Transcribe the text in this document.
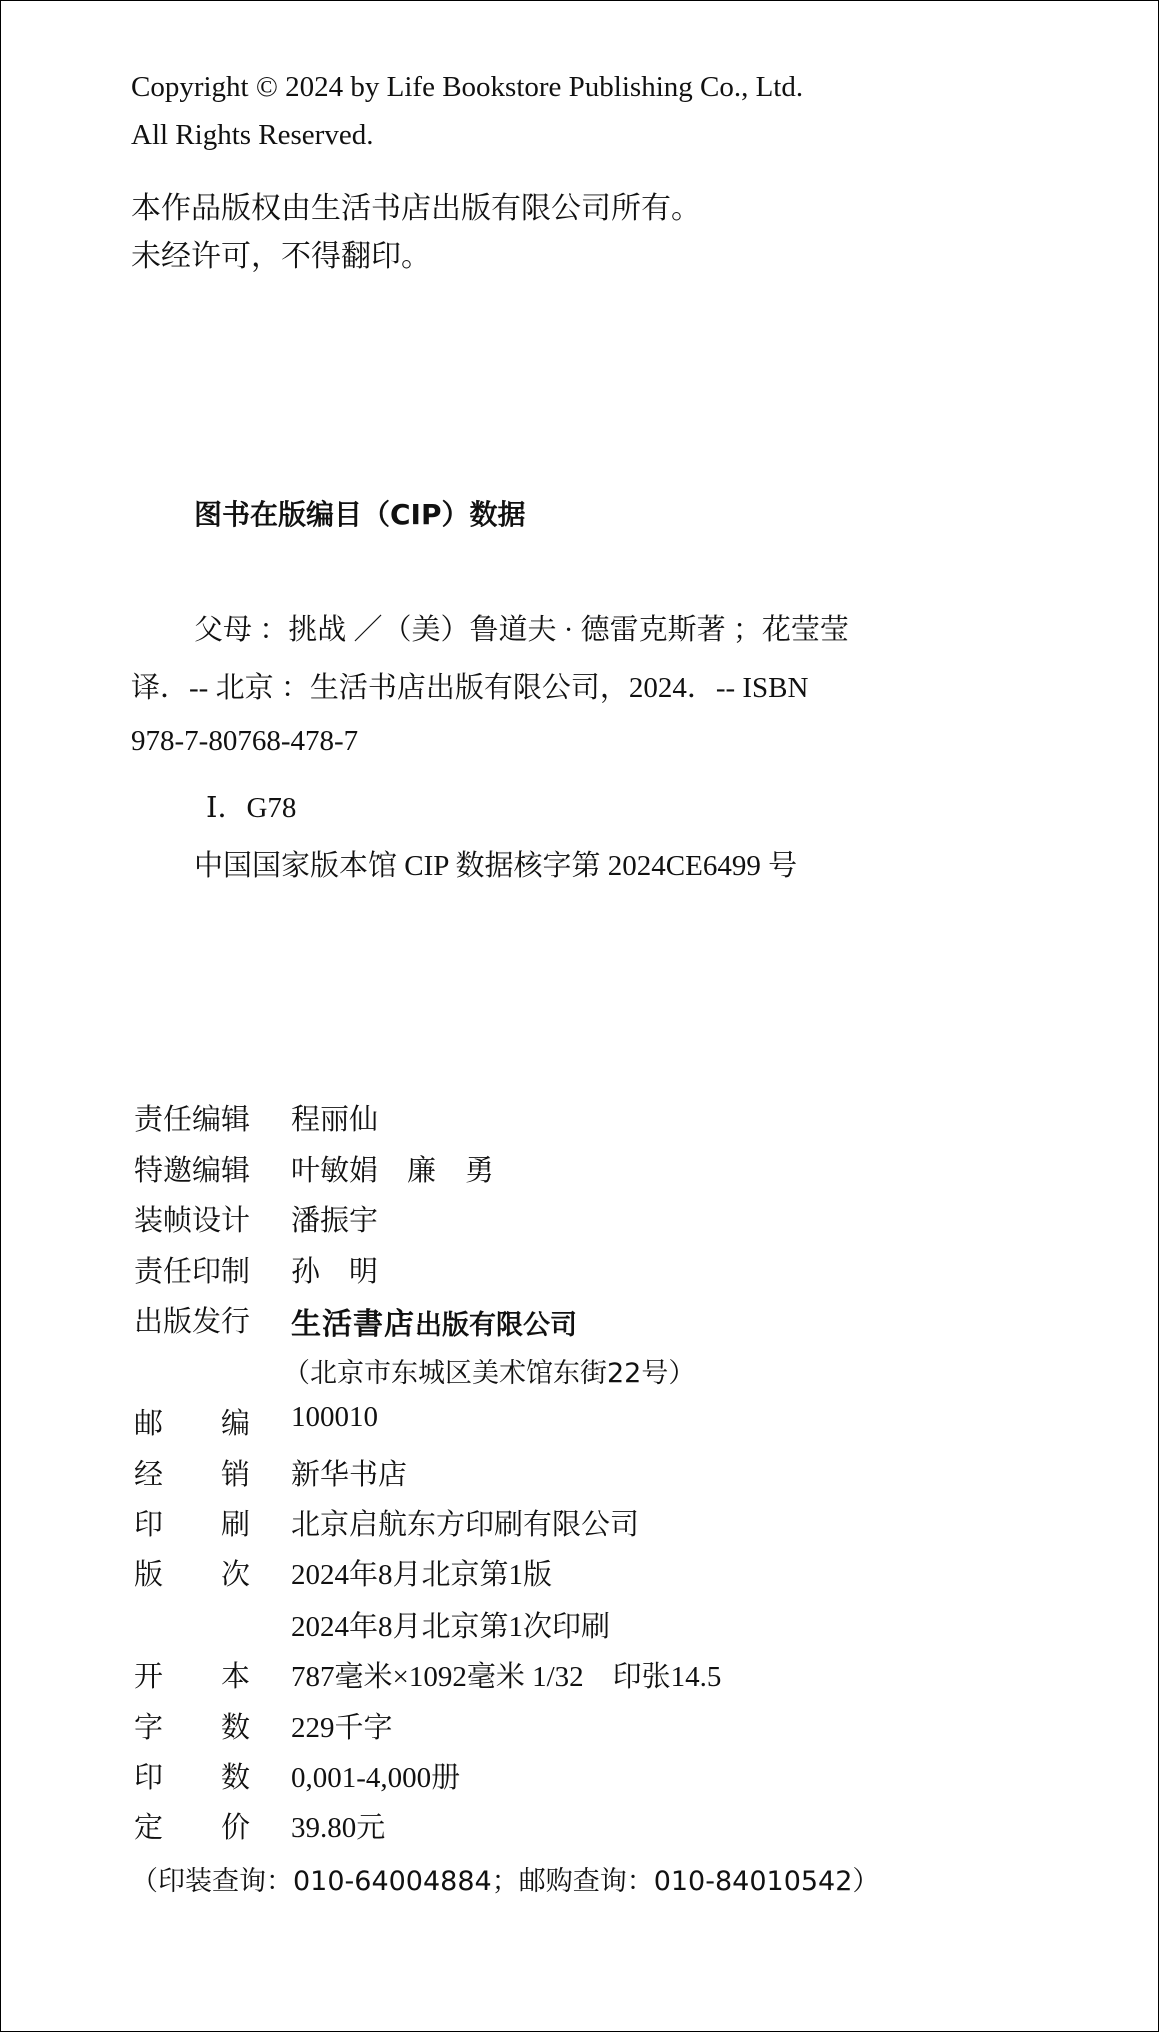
Copyright © 2024 by Life Bookstore Publishing Co., Ltd.
All Rights Reserved.
本作品版权由生活书店出版有限公司所有。
未经许可，不得翻印。
图书在版编目（CIP）数据
父母 ：挑战 ／（美）鲁道夫 · 德雷克斯著 ；花莹莹
译．-- 北京 ：生活书店出版有限公司，2024．-- ISBN
978-7-80768-478-7
Ⅰ．G78
中国国家版本馆 CIP 数据核字第 2024CE6499 号
出版发行 生活書店出版有限公司
（北京市东城区美术馆东街22号）
（印装查询：010-64004884；邮购查询：010-84010542）
责任编辑 程丽仙
特邀编辑 叶敏娟　廉　勇
装帧设计 潘振宇
责任印制 孙　明
邮　　编 100010
经　　销 新华书店
印　　刷 北京启航东方印刷有限公司
版　　次 2024年8月北京第1版
2024年8月北京第1次印刷
开　　本 787毫米×1092毫米 1/32　印张14.5
字　　数 229千字
印　　数 0,001-4,000册
定　　价 39.80元
